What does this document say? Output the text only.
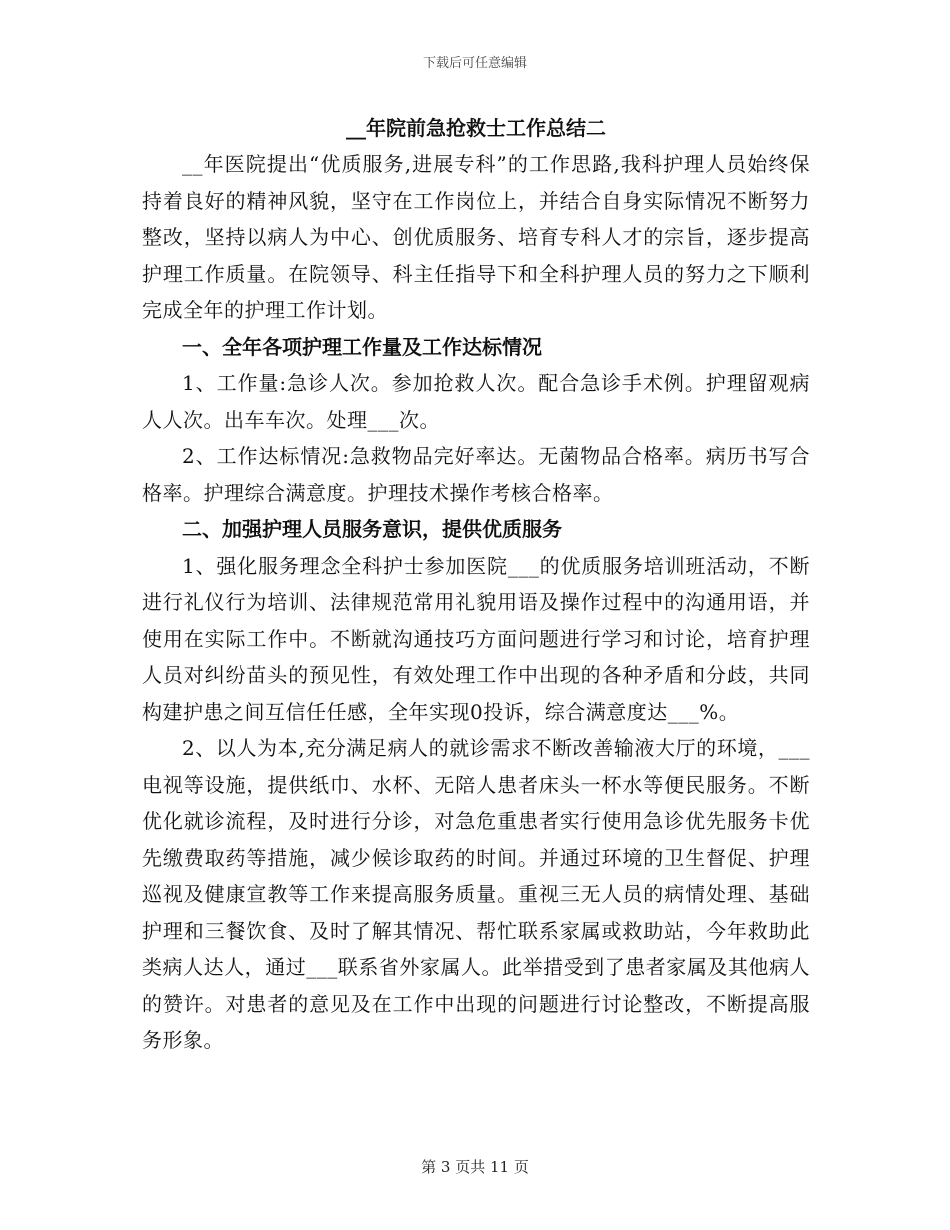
下载后可任意编辑

__年院前急抢救士工作总结二

__年医院提出“优质服务,进展专科”的工作思路,我科护理人员始终保持着良好的精神风貌，坚守在工作岗位上，并结合自身实际情况不断努力整改，坚持以病人为中心、创优质服务、培育专科人才的宗旨，逐步提高护理工作质量。在院领导、科主任指导下和全科护理人员的努力之下顺利完成全年的护理工作计划。

一、全年各项护理工作量及工作达标情况

1、工作量:急诊人次。参加抢救人次。配合急诊手术例。护理留观病人人次。出车车次。处理___次。

2、工作达标情况:急救物品完好率达。无菌物品合格率。病历书写合格率。护理综合满意度。护理技术操作考核合格率。

二、加强护理人员服务意识，提供优质服务

1、强化服务理念全科护士参加医院___的优质服务培训班活动，不断进行礼仪行为培训、法律规范常用礼貌用语及操作过程中的沟通用语，并使用在实际工作中。不断就沟通技巧方面问题进行学习和讨论，培育护理人员对纠纷苗头的预见性，有效处理工作中出现的各种矛盾和分歧，共同构建护患之间互信任任感，全年实现0投诉，综合满意度达___%。

2、以人为本,充分满足病人的就诊需求不断改善输液大厅的环境，___电视等设施，提供纸巾、水杯、无陪人患者床头一杯水等便民服务。不断优化就诊流程，及时进行分诊，对急危重患者实行使用急诊优先服务卡优先缴费取药等措施，减少候诊取药的时间。并通过环境的卫生督促、护理巡视及健康宣教等工作来提高服务质量。重视三无人员的病情处理、基础护理和三餐饮食、及时了解其情况、帮忙联系家属或救助站，今年救助此类病人达人，通过___联系省外家属人。此举措受到了患者家属及其他病人的赞许。对患者的意见及在工作中出现的问题进行讨论整改，不断提高服务形象。

第 3 页共 11 页
